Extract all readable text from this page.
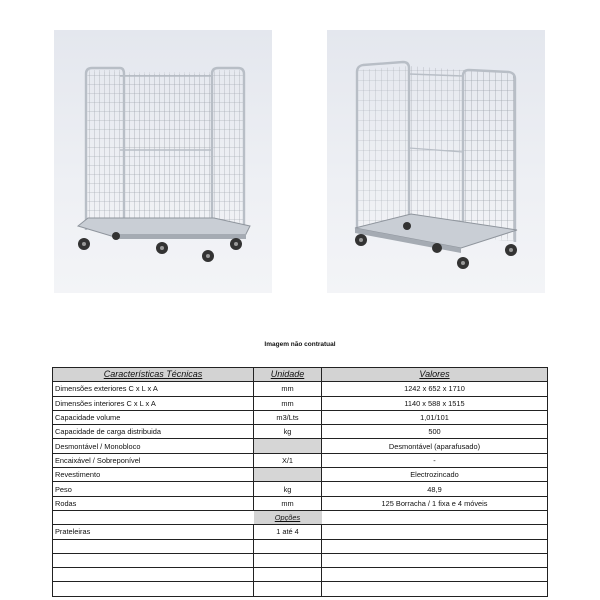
Imagem não contratual
Características Técnicas	Unidade	Valores
Dimensões exteriores C x L x A	mm	1242 x 652 x 1710
Dimensões interiores C x L x A	mm	1140 x 588 x 1515
Capacidade volume	m3/Lts	1,01/101
Capacidade de carga distribuida	kg	500
Desmontável / Monobloco		Desmontável (aparafusado)
Encaixável / Sobreponível	X/1	-
Revestimento		Electrozincado
Peso	kg	48,9
Rodas	mm	125 Borracha / 1 fixa e 4 móveis
	Opções	
Prateleiras	1 até 4	
